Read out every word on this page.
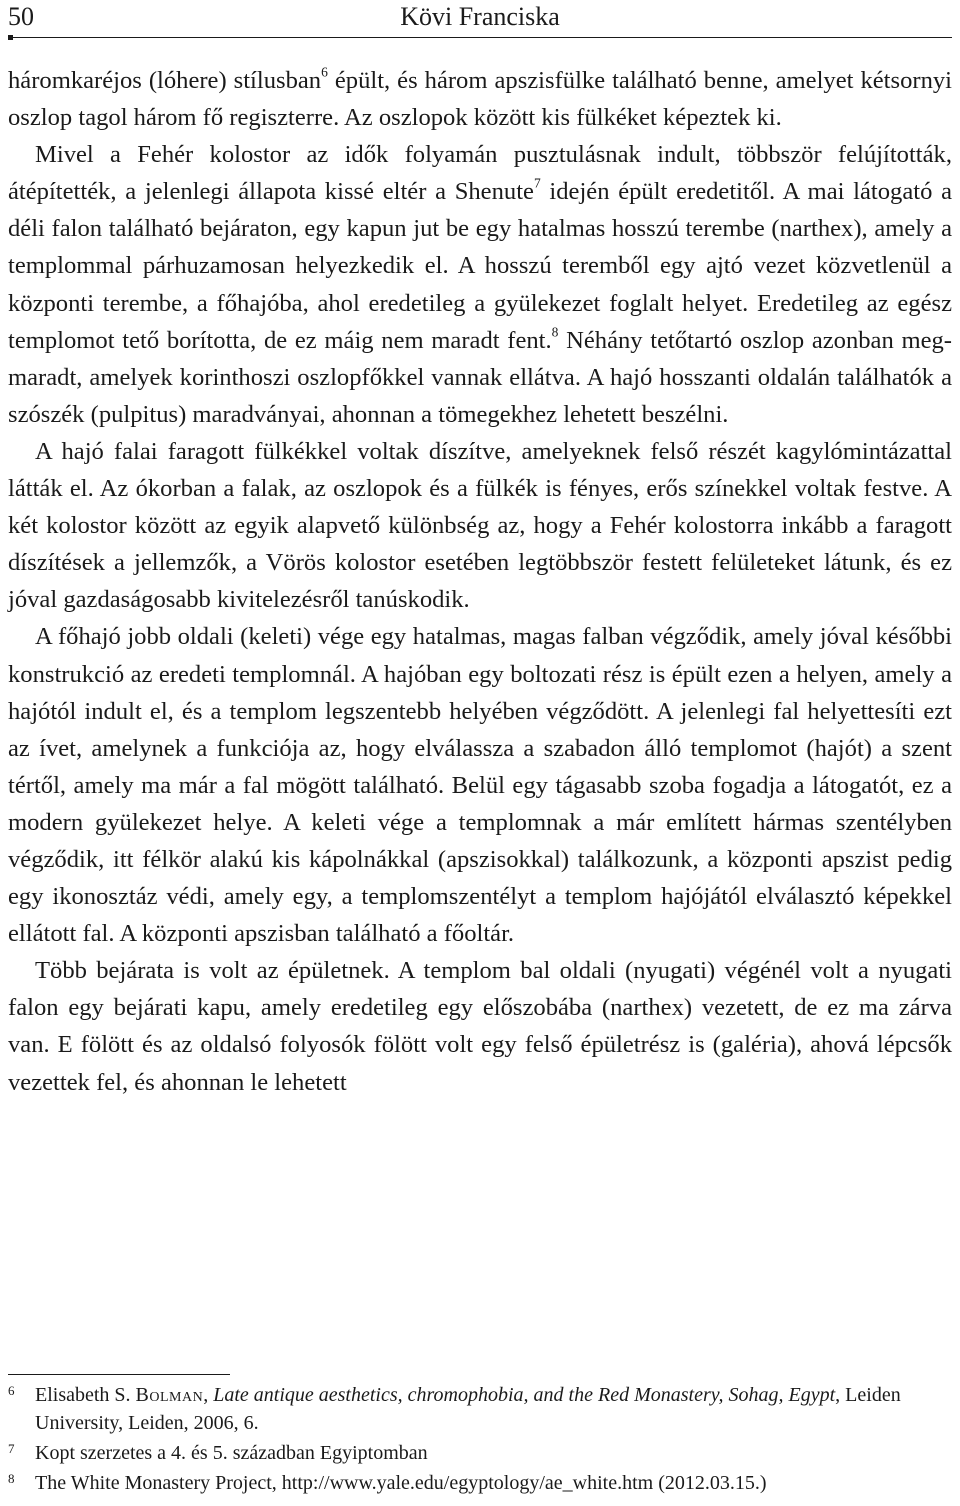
50	Kövi Franciska

háromkaréjos (lóhere) stílusban$^6$ épült, és három apszisfülke található benne, amelyet kétsornyi oszlop tagol három fő regiszterre. Az oszlopok között kis fülkéket képeztek ki.

Mivel a Fehér kolostor az idők folyamán pusztulásnak indult, többször felújították, átépítették, a jelenlegi állapota kissé eltér a Shenute$^7$ idején épült eredetitől. A mai látogató a déli falon található bejáraton, egy kapun jut be egy hatalmas hosszú terembe (narthex), amely a templommal párhuzamosan helyezkedik el. A hosszú teremből egy ajtó vezet közvetlenül a központi terembe, a főhajóba, ahol eredetileg a gyülekezet foglalt helyet. Eredetileg az egész templomot tető borította, de ez máig nem maradt fent.$^8$ Néhány tetőtartó oszlop azonban megmaradt, amelyek korinthoszi oszlopfőkkel vannak ellátva. A hajó hosszanti oldalán találhatók a szószék (pulpitus) maradványai, ahonnan a tömegekhez lehetett beszélni.

A hajó falai faragott fülkékkel voltak díszítve, amelyeknek felső részét kagylómintázattal látták el. Az ókorban a falak, az oszlopok és a fülkék is fényes, erős színekkel voltak festve. A két kolostor között az egyik alapvető különbség az, hogy a Fehér kolostorra inkább a faragott díszítések a jellemzők, a Vörös kolostor esetében legtöbbször festett felületeket látunk, és ez jóval gazdaságosabb kivitelezésről tanúskodik.

A főhajó jobb oldali (keleti) vége egy hatalmas, magas falban végződik, amely jóval későbbi konstrukció az eredeti templomnál. A hajóban egy boltozati rész is épült ezen a helyen, amely a hajótól indult el, és a templom legszentebb helyében végződött. A jelenlegi fal helyettesíti ezt az ívet, amelynek a funkciója az, hogy elválassza a szabadon álló templomot (hajót) a szent tértől, amely ma már a fal mögött található. Belül egy tágasabb szoba fogadja a látogatót, ez a modern gyülekezet helye. A keleti vége a templomnak a már említett hármas szentélyben végződik, itt félkör alakú kis kápolnákkal (apszisokkal) találkozunk, a központi apszist pedig egy ikonosztáz védi, amely egy, a templomszentélyt a templom hajójától elválasztó képekkel ellátott fal. A központi apszisban található a főoltár.

Több bejárata is volt az épületnek. A templom bal oldali (nyugati) végénél volt a nyugati falon egy bejárati kapu, amely eredetileg egy előszobába (narthex) vezetett, de ez ma zárva van. E fölött és az oldalsó folyosók fölött volt egy felső épületrész is (galéria), ahová lépcsők vezettek fel, és ahonnan le lehetett

6 Elisabeth S. Bolman, Late antique aesthetics, chromophobia, and the Red Monastery, Sohag, Egypt, Leiden University, Leiden, 2006, 6.
7 Kopt szerzetes a 4. és 5. században Egyiptomban
8 The White Monastery Project, http://www.yale.edu/egyptology/ae_white.htm (2012.03.15.)
